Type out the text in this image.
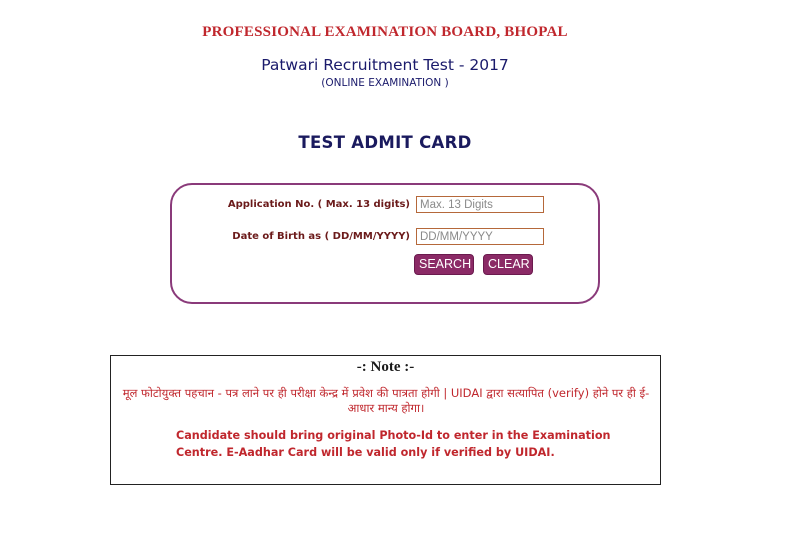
PROFESSIONAL EXAMINATION BOARD, BHOPAL
Patwari Recruitment Test - 2017
(ONLINE EXAMINATION )
TEST ADMIT CARD
Application No. ( Max. 13 digits)
Max. 13 Digits
Date of Birth as ( DD/MM/YYYY)
DD/MM/YYYY
SEARCH	CLEAR
-: Note :-
मूल फोटोयुक्त पहचान - पत्र लाने पर ही परीक्षा केन्द्र में प्रवेश की पात्रता होगी | UIDAI द्वारा सत्यापित (verify) होने पर ही ई-आधार मान्य होगा।
Candidate should bring original Photo-Id to enter in the Examination Centre. E-Aadhar Card will be valid only if verified by UIDAI.
